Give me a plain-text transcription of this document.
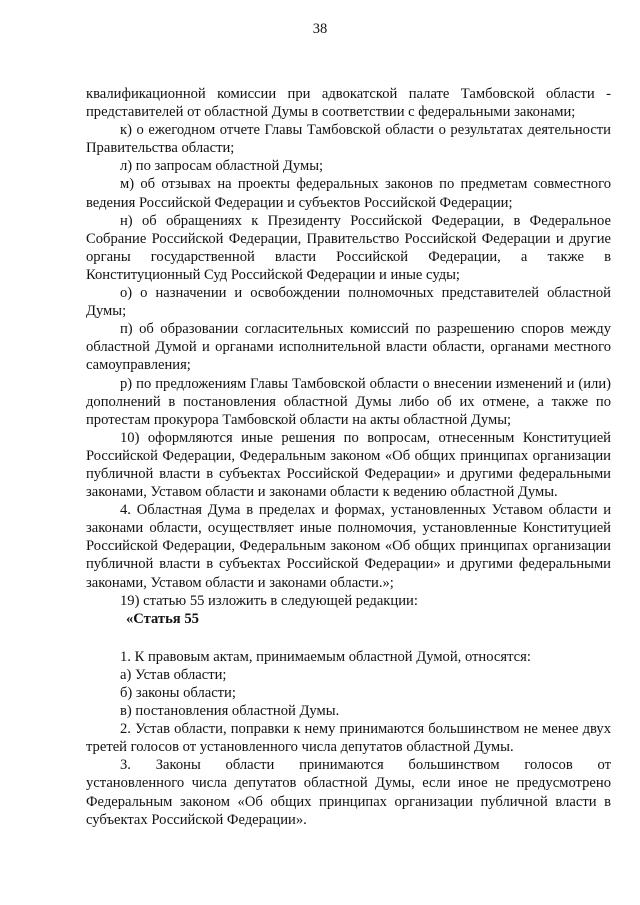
38

квалификационной комиссии при адвокатской палате Тамбовской области - представителей от областной Думы в соответствии с федеральными законами;

к) о ежегодном отчете Главы Тамбовской области о результатах деятельности Правительства области;

л) по запросам областной Думы;

м) об отзывах на проекты федеральных законов по предметам совместного ведения Российской Федерации и субъектов Российской Федерации;

н) об обращениях к Президенту Российской Федерации, в Федеральное Собрание Российской Федерации, Правительство Российской Федерации и другие органы государственной власти Российской Федерации, а также в Конституционный Суд Российской Федерации и иные суды;

о) о назначении и освобождении полномочных представителей областной Думы;

п) об образовании согласительных комиссий по разрешению споров между областной Думой и органами исполнительной власти области, органами местного самоуправления;

р) по предложениям Главы Тамбовской области о внесении изменений и (или) дополнений в постановления областной Думы либо об их отмене, а также по протестам прокурора Тамбовской области на акты областной Думы;

10) оформляются иные решения по вопросам, отнесенным Конституцией Российской Федерации, Федеральным законом «Об общих принципах организации публичной власти в субъектах Российской Федерации» и другими федеральными законами, Уставом области и законами области к ведению областной Думы.

4. Областная Дума в пределах и формах, установленных Уставом области и законами области, осуществляет иные полномочия, установленные Конституцией Российской Федерации, Федеральным законом «Об общих принципах организации публичной власти в субъектах Российской Федерации» и другими федеральными законами, Уставом области и законами области.»;

19) статью 55 изложить в следующей редакции:

«Статья 55

1. К правовым актам, принимаемым областной Думой, относятся:

а) Устав области;

б) законы области;

в) постановления областной Думы.

2. Устав области, поправки к нему принимаются большинством не менее двух третей голосов от установленного числа депутатов областной Думы.

3. Законы области принимаются большинством голосов от

установленного числа депутатов областной Думы, если иное не предусмотрено Федеральным законом «Об общих принципах организации публичной власти в субъектах Российской Федерации».
